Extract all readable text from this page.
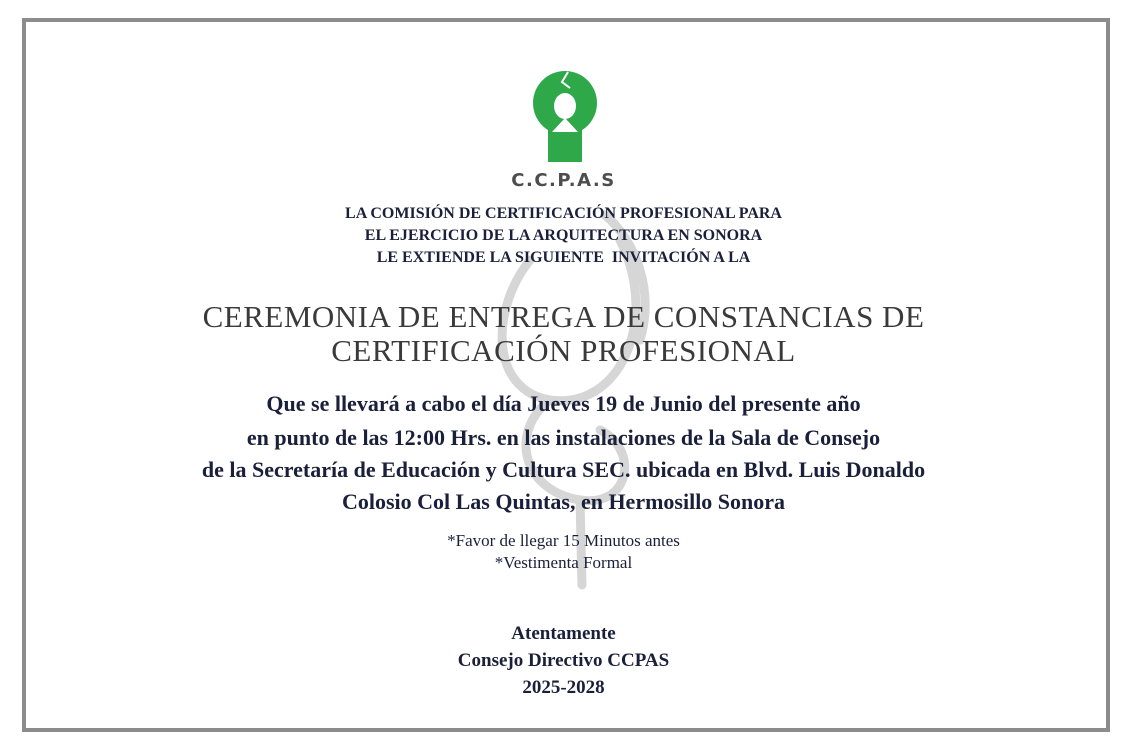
C.C.P.A.S
LA COMISIÓN DE CERTIFICACIÓN PROFESIONAL PARA
EL EJERCICIO DE LA ARQUITECTURA EN SONORA
LE EXTIENDE LA SIGUIENTE  INVITACIÓN A LA
CEREMONIA DE ENTREGA DE CONSTANCIAS DE
CERTIFICACIÓN PROFESIONAL
Que se llevará a cabo el día Jueves 19 de Junio del presente año
en punto de las 12:00 Hrs. en las instalaciones de la Sala de Consejo
de la Secretaría de Educación y Cultura SEC. ubicada en Blvd. Luis Donaldo
Colosio Col Las Quintas, en Hermosillo Sonora
*Favor de llegar 15 Minutos antes
*Vestimenta Formal
Atentamente
Consejo Directivo CCPAS
2025-2028
